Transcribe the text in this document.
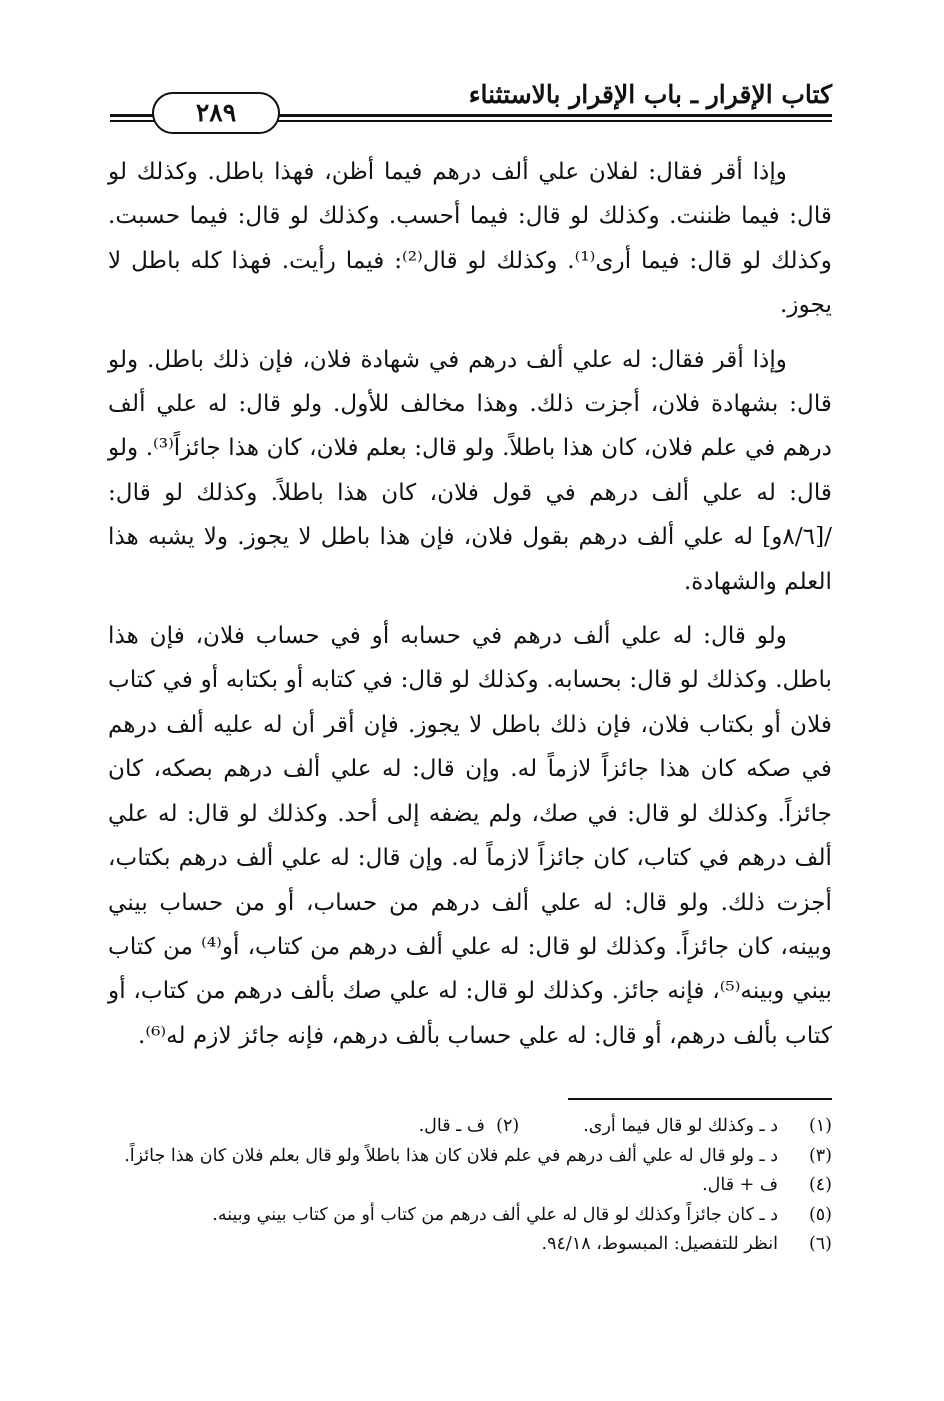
كتاب الإقرار ـ باب الإقرار بالاستثناء
٢٨٩

وإذا أقر فقال: لفلان علي ألف درهم فيما أظن، فهذا باطل. وكذلك لو قال: فيما ظننت. وكذلك لو قال: فيما أحسب. وكذلك لو قال: فيما حسبت. وكذلك لو قال: فيما أرى⁽¹⁾. وكذلك لو قال⁽²⁾: فيما رأيت. فهذا كله باطل لا يجوز.

وإذا أقر فقال: له علي ألف درهم في شهادة فلان، فإن ذلك باطل. ولو قال: بشهادة فلان، أجزت ذلك. وهذا مخالف للأول. ولو قال: له علي ألف درهم في علم فلان، كان هذا باطلاً. ولو قال: بعلم فلان، كان هذا جائزاً⁽³⁾. ولو قال: له علي ألف درهم في قول فلان، كان هذا باطلاً. وكذلك لو قال: /[٨/٦و] له علي ألف درهم بقول فلان، فإن هذا باطل لا يجوز. ولا يشبه هذا العلم والشهادة.

ولو قال: له علي ألف درهم في حسابه أو في حساب فلان، فإن هذا باطل. وكذلك لو قال: بحسابه. وكذلك لو قال: في كتابه أو بكتابه أو في كتاب فلان أو بكتاب فلان، فإن ذلك باطل لا يجوز. فإن أقر أن له عليه ألف درهم في صكه كان هذا جائزاً لازماً له. وإن قال: له علي ألف درهم بصكه، كان جائزاً. وكذلك لو قال: في صك، ولم يضفه إلى أحد. وكذلك لو قال: له علي ألف درهم في كتاب، كان جائزاً لازماً له. وإن قال: له علي ألف درهم بكتاب، أجزت ذلك. ولو قال: له علي ألف درهم من حساب، أو من حساب بيني وبينه، كان جائزاً. وكذلك لو قال: له علي ألف درهم من كتاب، أو⁽⁴⁾ من كتاب بيني وبينه⁽⁵⁾، فإنه جائز. وكذلك لو قال: له علي صك بألف درهم من كتاب، أو كتاب بألف درهم، أو قال: له علي حساب بألف درهم، فإنه جائز لازم له⁽⁶⁾.

(١)
د ـ وكذلك لو قال فيما أرى.(٢)  ف ـ قال.
(٣)
د ـ ولو قال له علي ألف درهم في علم فلان كان هذا باطلاً ولو قال بعلم فلان كان هذا جائزاً.
(٤)
ف + قال.
(٥)
د ـ كان جائزاً وكذلك لو قال له علي ألف درهم من كتاب أو من كتاب بيني وبينه.
(٦)
انظر للتفصيل: المبسوط، ٩٤/١٨.
